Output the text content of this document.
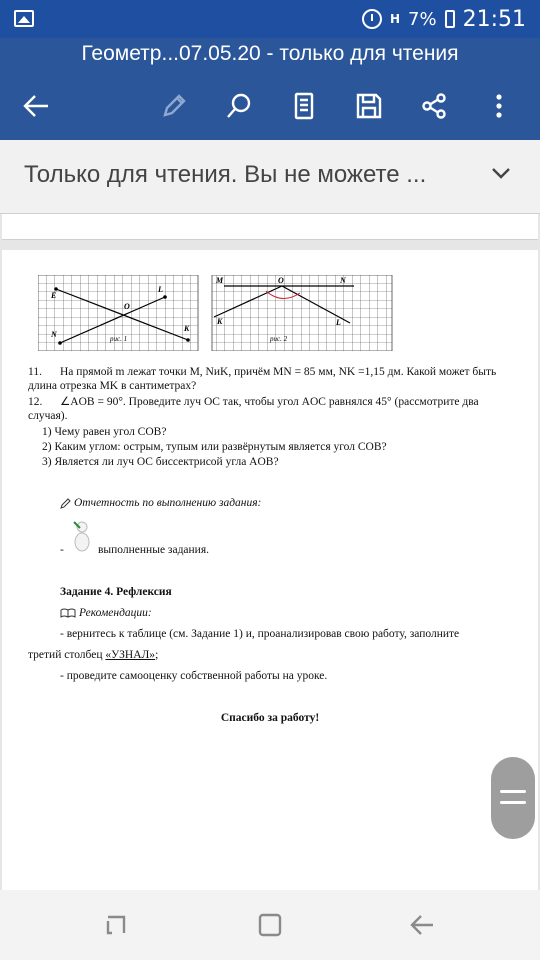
H 7% 21:51
Геометр...07.05.20 - только для чтения
Только для чтения. Вы не можете ...
E
L
O
N
K
рис. 1
M	O	N
K	L
рис. 2
11. На прямой m лежат точки M, NиK, причём MN = 85 мм, NK =1,15 дм. Какой может быть
длина отрезка MK в сантиметрах?
12. ∠AOB = 90°. Проведите луч OC так, чтобы угол AOC равнялся 45° (рассмотрите два
случая).
1) Чему равен угол COB?
2) Каким углом: острым, тупым или развёрнутым является угол COB?
3) Является ли луч OC биссектрисой угла AOB?
Отчетность по выполнению задания:
-	выполненные задания.
Задание 4. Рефлексия
Рекомендации:
- вернитесь к таблице (см. Задание 1) и, проанализировав свою работу, заполните
третий столбец «УЗНАЛ»;
- проведите самооценку собственной работы на уроке.
Спасибо за работу!
